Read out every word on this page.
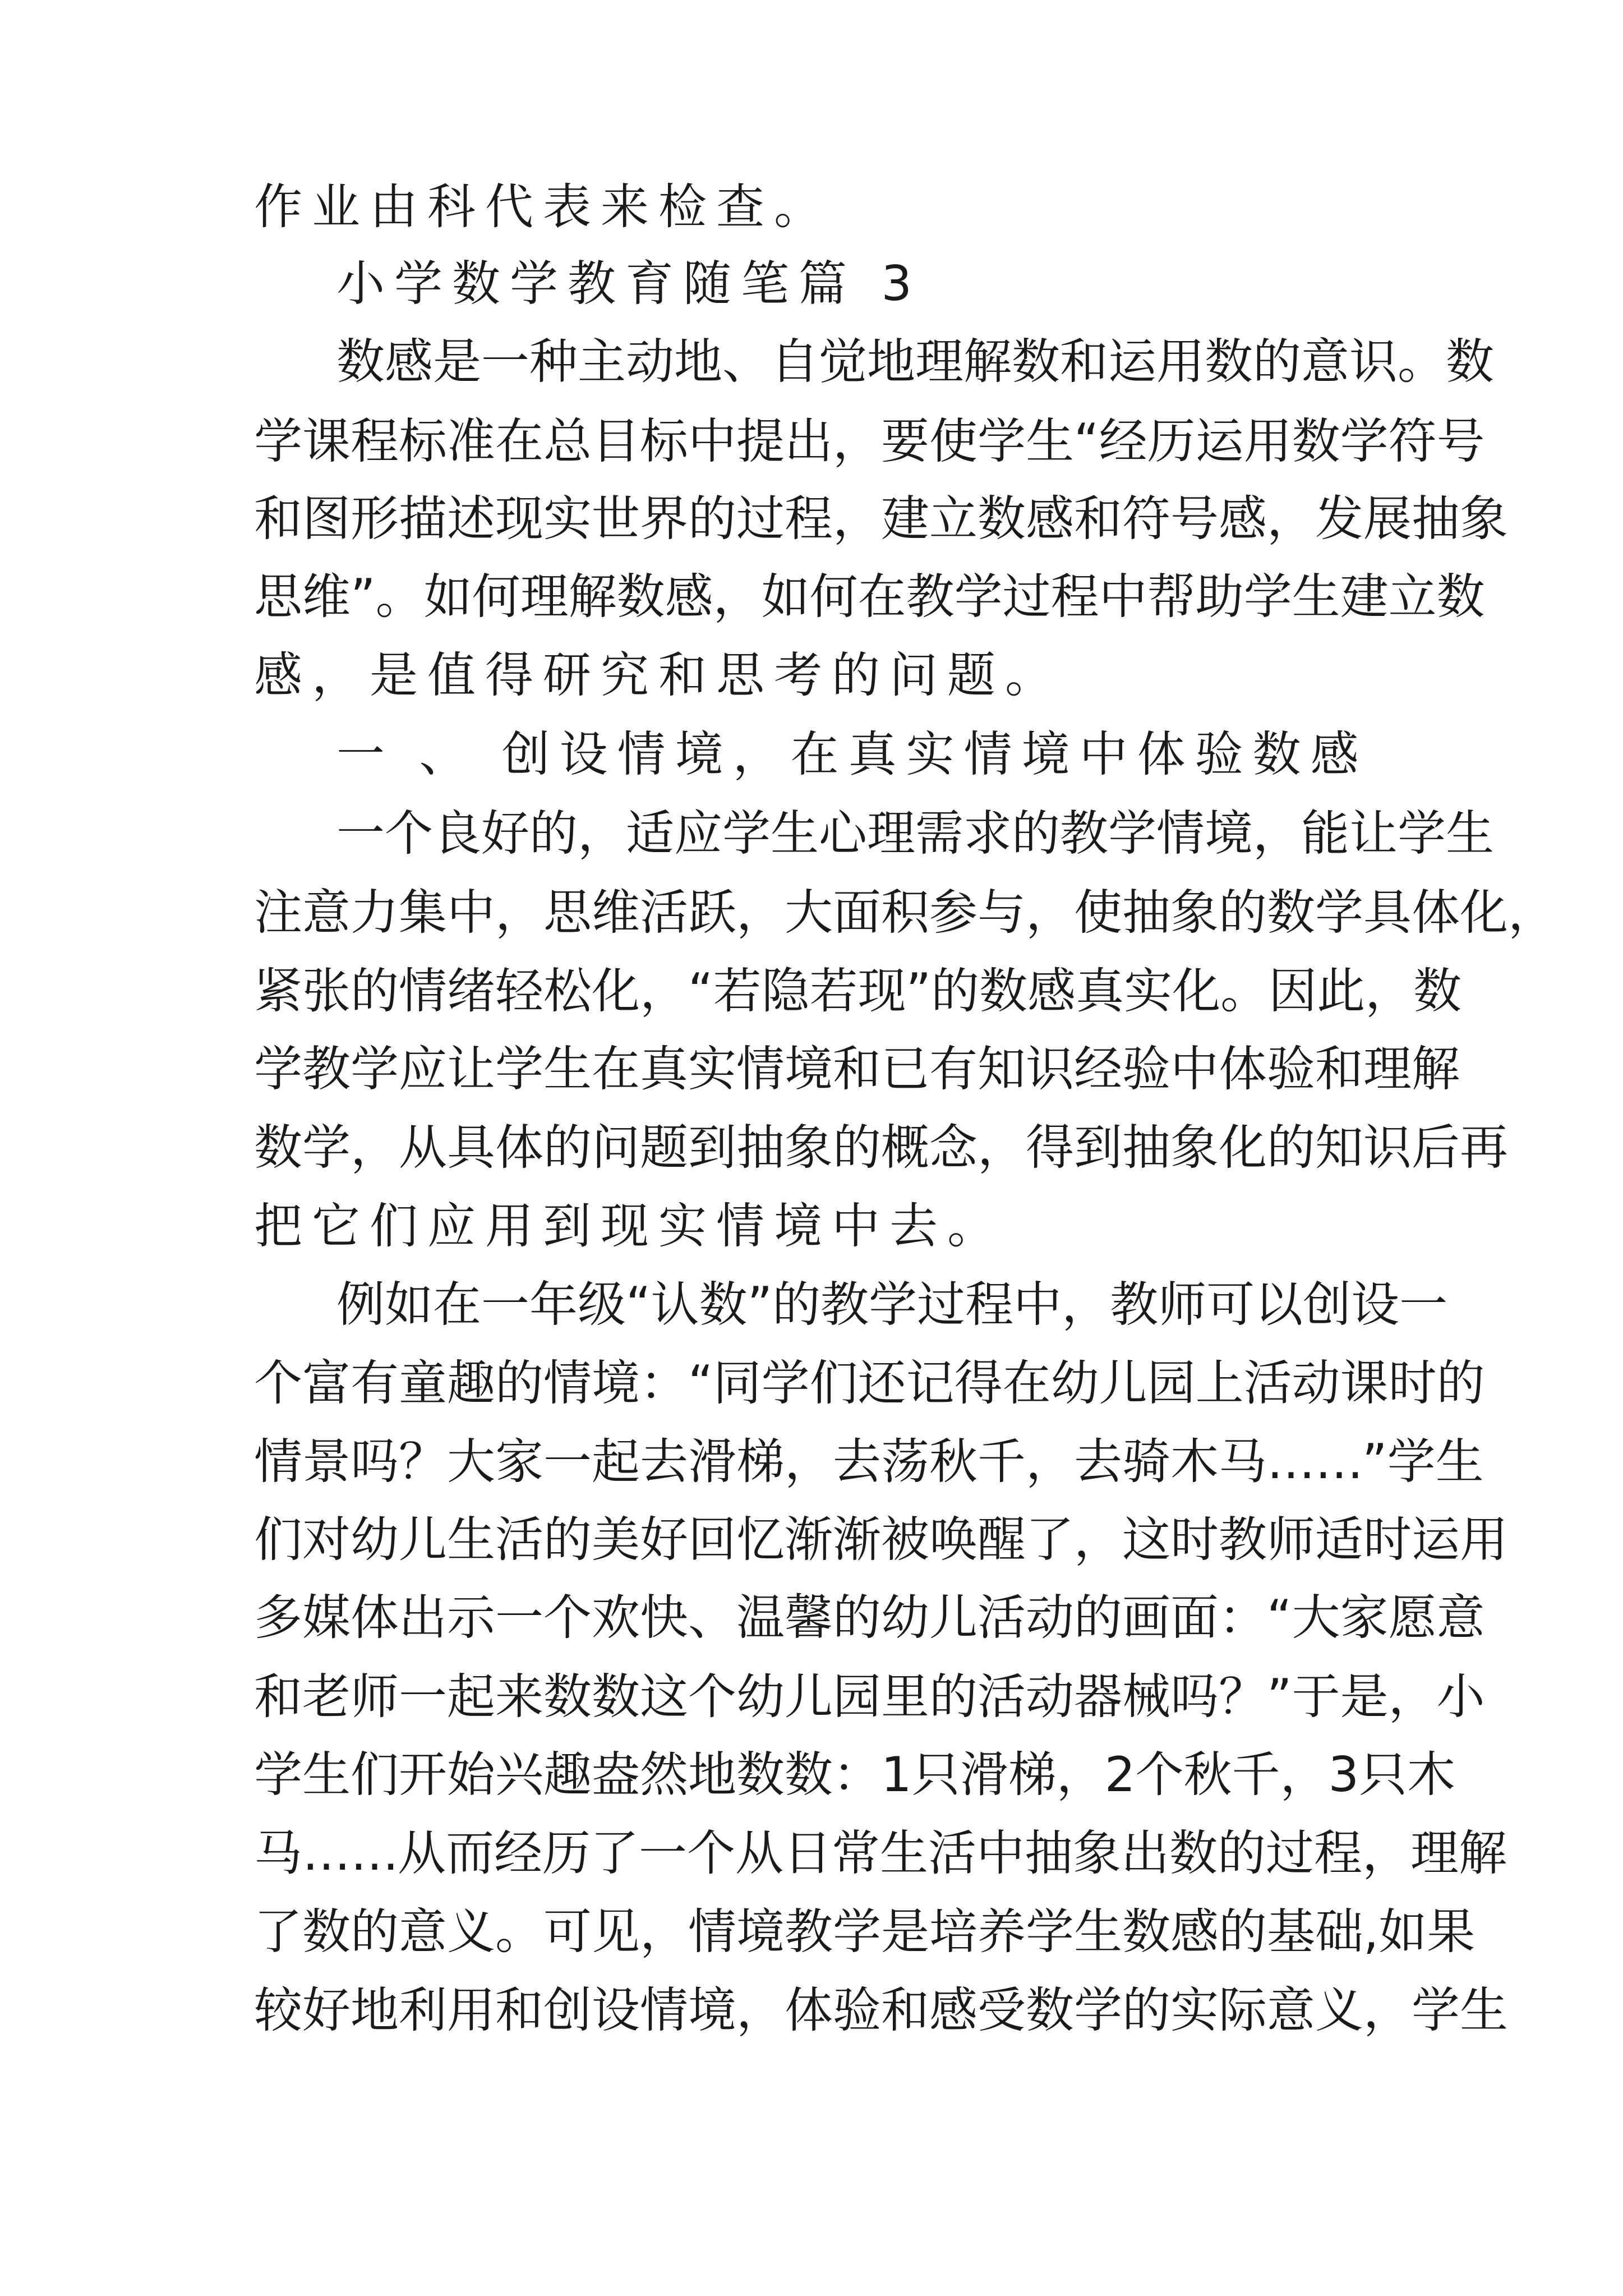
作业由科代表来检查。
小学数学教育随笔篇 3
数 感 是 一 种 主 动 地 、 自 觉 地 理 解 数 和 运 用 数 的 意 识 。 数
学 课 程 标 准 在 总 目 标 中 提 出 ， 要 使 学 生 “ 经 历 运 用 数 学 符 号
和 图 形 描 述 现 实 世 界 的 过 程 ， 建 立 数 感 和 符 号 感 ， 发 展 抽 象
思 维 ” 。 如 何 理 解 数 感 ， 如 何 在 教 学 过 程 中 帮 助 学 生 建 立 数
感，是值得研究和思考的问题。
一 、 创设情境，在真实情境中体验数感
一 个 良 好 的 ， 适 应 学 生 心 理 需 求 的 教 学 情 境 ， 能 让 学 生
注 意 力 集 中 ， 思 维 活 跃 ， 大 面 积 参 与 ， 使 抽 象 的 数 学 具 体 化 ，
紧 张 的 情 绪 轻 松 化 ， “ 若 隐 若 现 ” 的 数 感 真 实 化 。 因 此 ， 数
学 教 学 应 让 学 生 在 真 实 情 境 和 已 有 知 识 经 验 中 体 验 和 理 解
数 学 ， 从 具 体 的 问 题 到 抽 象 的 概 念 ， 得 到 抽 象 化 的 知 识 后 再
把它们应用到现实情境中去。
例 如 在 一 年 级 “ 认 数 ” 的 教 学 过 程 中 ， 教 师 可 以 创 设 一
个 富 有 童 趣 的 情 境 ： “ 同 学 们 还 记 得 在 幼 儿 园 上 活 动 课 时 的
情 景 吗 ？ 大 家 一 起 去 滑 梯 ， 去 荡 秋 千 ， 去 骑 木 马 ……
” 学 生
们 对 幼 儿 生 活 的 美 好 回 忆 渐 渐 被 唤 醒 了 ， 这 时 教 师 适 时 运 用
多 媒 体 出 示 一 个 欢 快 、 温 馨 的 幼 儿 活 动 的 画 面 ： “ 大 家 愿 意
和 老 师 一 起 来 数 数 这 个 幼 儿 园 里 的 活 动 器 械 吗 ？ ” 于 是 ， 小
学 生 们 开 始 兴 趣 盎 然 地 数 数 ： 1 只 滑 梯 ， 2 个 秋 千 ， 3 只 木
马 ……
从 而 经 历 了 一 个 从 日 常 生 活 中 抽 象 出 数 的 过 程 ， 理 解
了 数 的 意 义 。 可 见 ， 情 境 教 学 是 培 养 学 生 数 感 的 基 础 , 如 果
较 好 地 利 用 和 创 设 情 境 ， 体 验 和 感 受 数 学 的 实 际 意 义 ， 学 生
